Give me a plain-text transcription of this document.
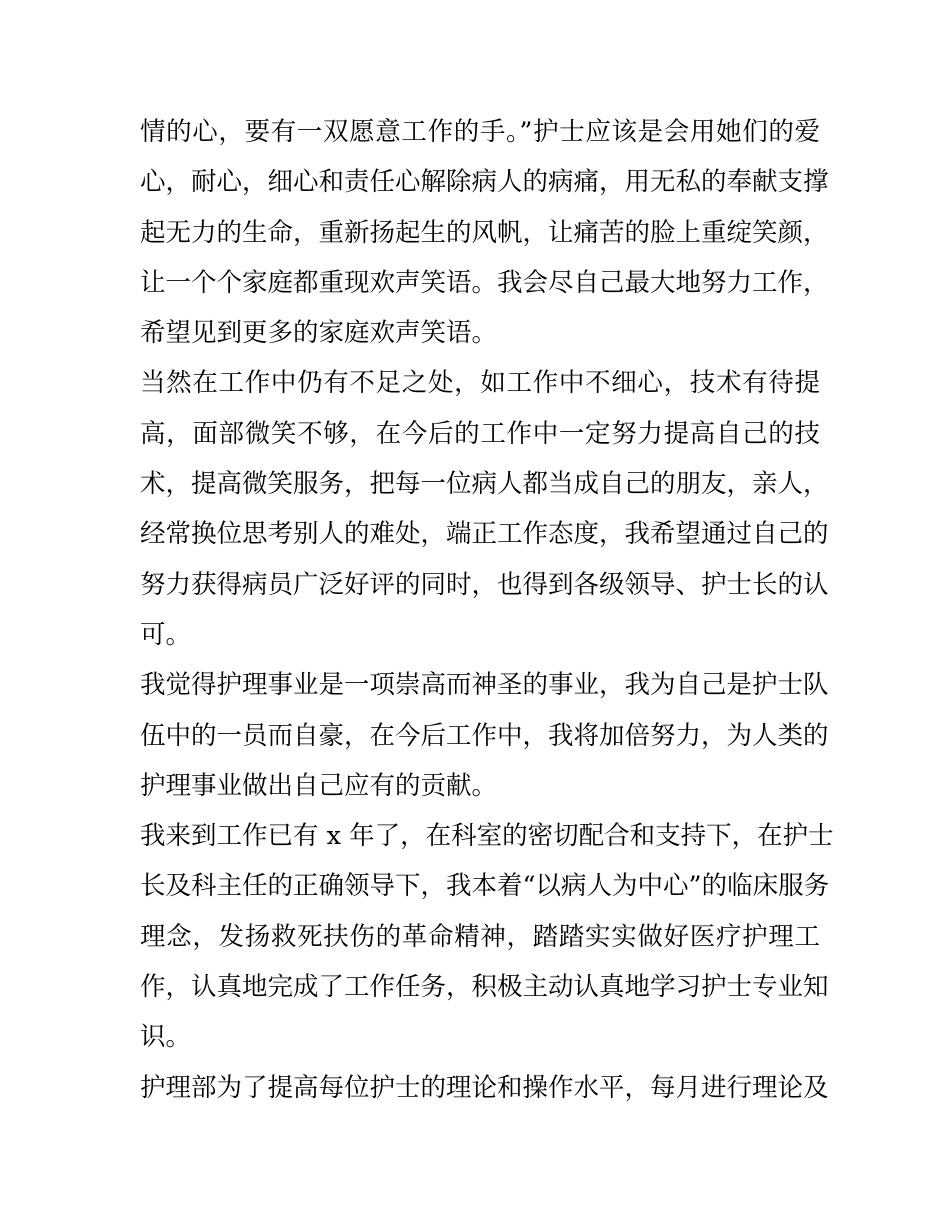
情的心，要有一双愿意工作的手。”护士应该是会用她们的爱
心，耐心，细心和责任心解除病人的病痛，用无私的奉献支撑
起无力的生命，重新扬起生的风帆，让痛苦的脸上重绽笑颜，
让一个个家庭都重现欢声笑语。我会尽自己最大地努力工作，
希望见到更多的家庭欢声笑语。
当然在工作中仍有不足之处，如工作中不细心，技术有待提
高，面部微笑不够，在今后的工作中一定努力提高自己的技
术，提高微笑服务，把每一位病人都当成自己的朋友，亲人，
经常换位思考别人的难处，端正工作态度，我希望通过自己的
努力获得病员广泛好评的同时，也得到各级领导、护士长的认
可。
我觉得护理事业是一项崇高而神圣的事业，我为自己是护士队
伍中的一员而自豪，在今后工作中，我将加倍努力，为人类的
护理事业做出自己应有的贡献。
我来到工作已有 x 年了，在科室的密切配合和支持下，在护士
长及科主任的正确领导下，我本着“以病人为中心”的临床服务
理念，发扬救死扶伤的革命精神，踏踏实实做好医疗护理工
作，认真地完成了工作任务，积极主动认真地学习护士专业知
识。
护理部为了提高每位护士的理论和操作水平，每月进行理论及
